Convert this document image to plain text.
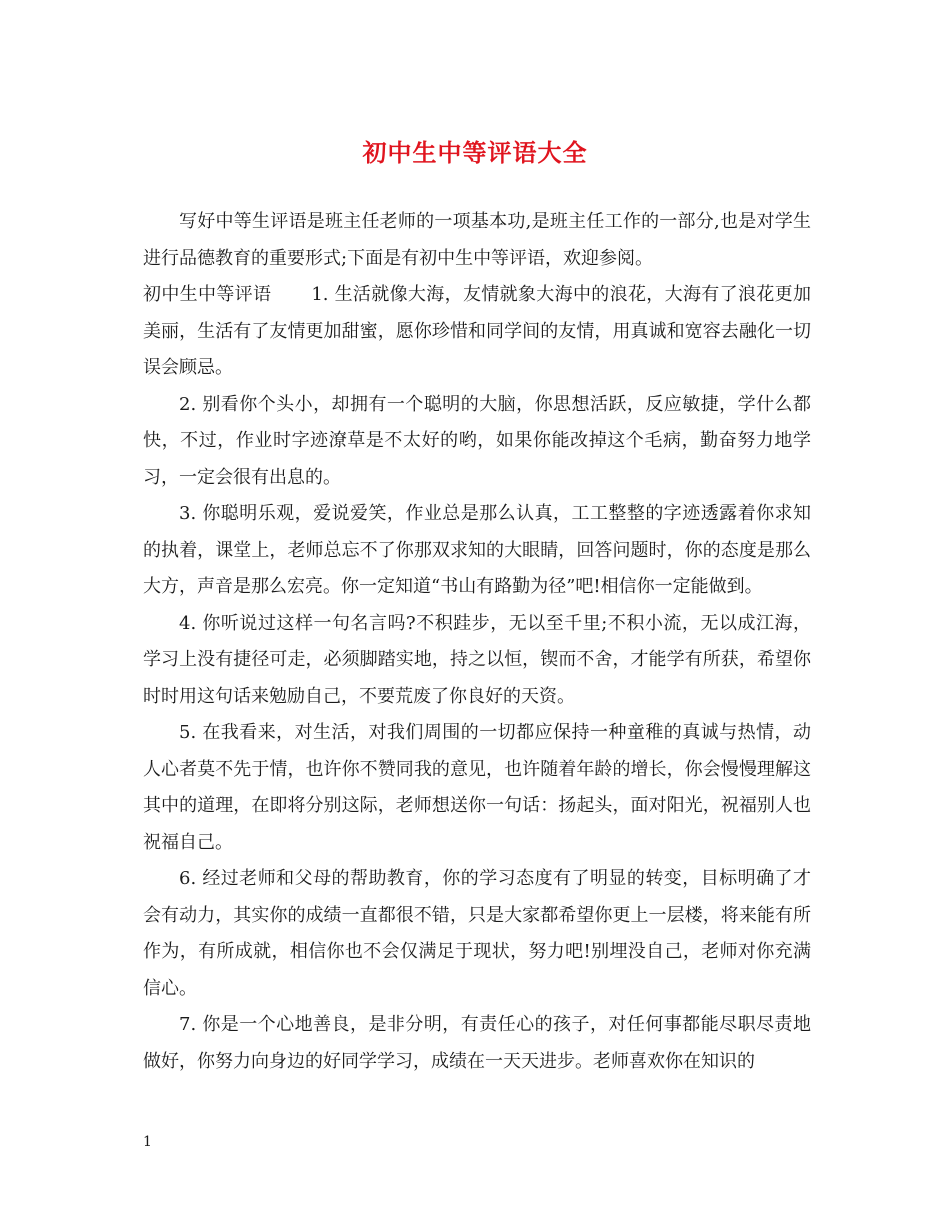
初中生中等评语大全

写好中等生评语是班主任老师的一项基本功,是班主任工作的一部分,也是对学生进行品德教育的重要形式;下面是有初中生中等评语，欢迎参阅。

初中生中等评语 1. 生活就像大海，友情就象大海中的浪花，大海有了浪花更加美丽，生活有了友情更加甜蜜，愿你珍惜和同学间的友情，用真诚和宽容去融化一切误会顾忌。

2. 别看你个头小，却拥有一个聪明的大脑，你思想活跃，反应敏捷，学什么都快，不过，作业时字迹潦草是不太好的哟，如果你能改掉这个毛病，勤奋努力地学习，一定会很有出息的。

3. 你聪明乐观，爱说爱笑，作业总是那么认真，工工整整的字迹透露着你求知的执着，课堂上，老师总忘不了你那双求知的大眼睛，回答问题时，你的态度是那么大方，声音是那么宏亮。你一定知道“书山有路勤为径”吧!相信你一定能做到。

4. 你听说过这样一句名言吗?不积跬步，无以至千里;不积小流，无以成江海，学习上没有捷径可走，必须脚踏实地，持之以恒，锲而不舍，才能学有所获，希望你时时用这句话来勉励自己，不要荒废了你良好的天资。

5. 在我看来，对生活，对我们周围的一切都应保持一种童稚的真诚与热情，动人心者莫不先于情，也许你不赞同我的意见，也许随着年龄的增长，你会慢慢理解这其中的道理，在即将分别这际，老师想送你一句话：扬起头，面对阳光，祝福别人也祝福自己。

6. 经过老师和父母的帮助教育，你的学习态度有了明显的转变，目标明确了才会有动力，其实你的成绩一直都很不错，只是大家都希望你更上一层楼，将来能有所作为，有所成就，相信你也不会仅满足于现状，努力吧!别埋没自己，老师对你充满信心。

7. 你是一个心地善良，是非分明，有责任心的孩子，对任何事都能尽职尽责地做好，你努力向身边的好同学学习，成绩在一天天进步。老师喜欢你在知识的

1
